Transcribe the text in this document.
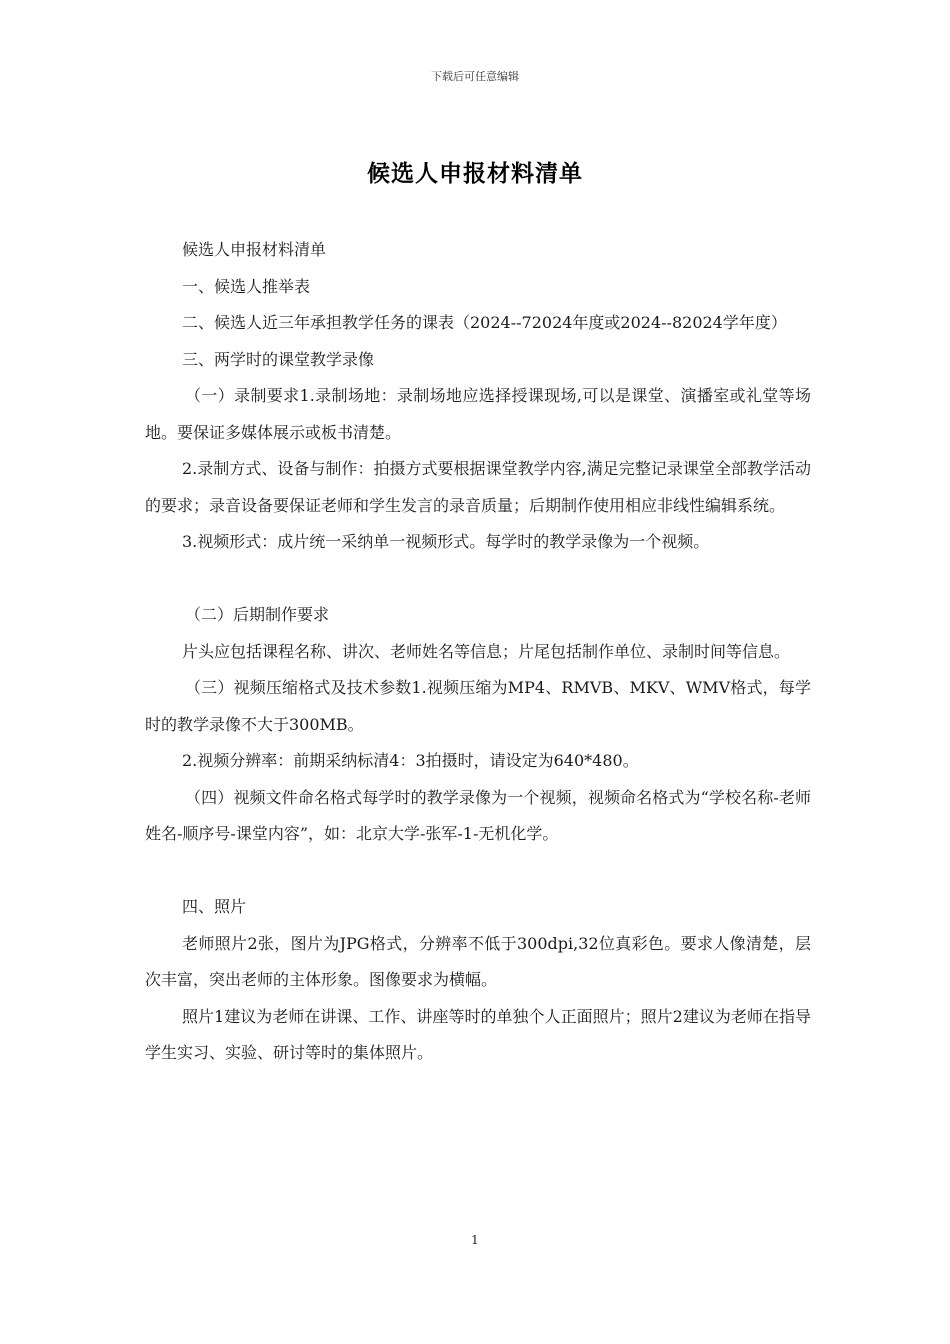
下载后可任意编辑
候选人申报材料清单

候选人申报材料清单

一、候选人推举表

二、候选人近三年承担教学任务的课表（2024--72024年度或2024--82024学年度）

三、两学时的课堂教学录像

（一）录制要求1.录制场地：录制场地应选择授课现场,可以是课堂、演播室或礼堂等场地。要保证多媒体展示或板书清楚。

2.录制方式、设备与制作：拍摄方式要根据课堂教学内容,满足完整记录课堂全部教学活动的要求；录音设备要保证老师和学生发言的录音质量；后期制作使用相应非线性编辑系统。

3.视频形式：成片统一采纳单一视频形式。每学时的教学录像为一个视频。

（二）后期制作要求

片头应包括课程名称、讲次、老师姓名等信息；片尾包括制作单位、录制时间等信息。

（三）视频压缩格式及技术参数1.视频压缩为MP4、RMVB、MKV、WMV格式，每学时的教学录像不大于300MB。

2.视频分辨率：前期采纳标清4：3拍摄时，请设定为640*480。

（四）视频文件命名格式每学时的教学录像为一个视频，视频命名格式为“学校名称-老师姓名-顺序号-课堂内容”，如：北京大学-张军-1-无机化学。

四、照片

老师照片2张，图片为JPG格式，分辨率不低于300dpi,32位真彩色。要求人像清楚，层次丰富，突出老师的主体形象。图像要求为横幅。

照片1建议为老师在讲课、工作、讲座等时的单独个人正面照片；照片2建议为老师在指导学生实习、实验、研讨等时的集体照片。

1
